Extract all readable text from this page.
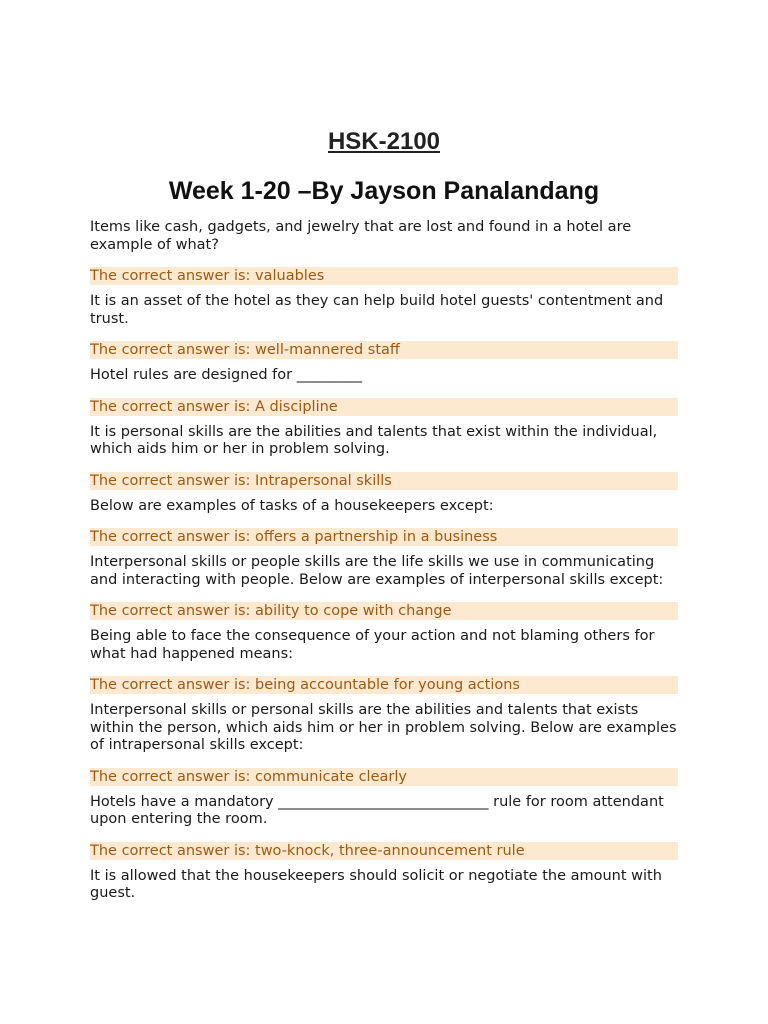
HSK-2100
Week 1-20 –By Jayson Panalandang

Items like cash, gadgets, and jewelry that are lost and found in a hotel are example of what?

The correct answer is: valuables

It is an asset of the hotel as they can help build hotel guests' contentment and trust.

The correct answer is: well-mannered staff

Hotel rules are designed for _________

The correct answer is: A discipline

It is personal skills are the abilities and talents that exist within the individual, which aids him or her in problem solving.

The correct answer is: Intrapersonal skills

Below are examples of tasks of a housekeepers except:

The correct answer is: offers a partnership in a business

Interpersonal skills or people skills are the life skills we use in communicating and interacting with people. Below are examples of interpersonal skills except:

The correct answer is: ability to cope with change

Being able to face the consequence of your action and not blaming others for what had happened means:

The correct answer is: being accountable for young actions

Interpersonal skills or personal skills are the abilities and talents that exists within the person, which aids him or her in problem solving. Below are examples of intrapersonal skills except:

The correct answer is: communicate clearly

Hotels have a mandatory _____________________________ rule for room attendant upon entering the room.

The correct answer is: two-knock, three-announcement rule

It is allowed that the housekeepers should solicit or negotiate the amount with guest.
